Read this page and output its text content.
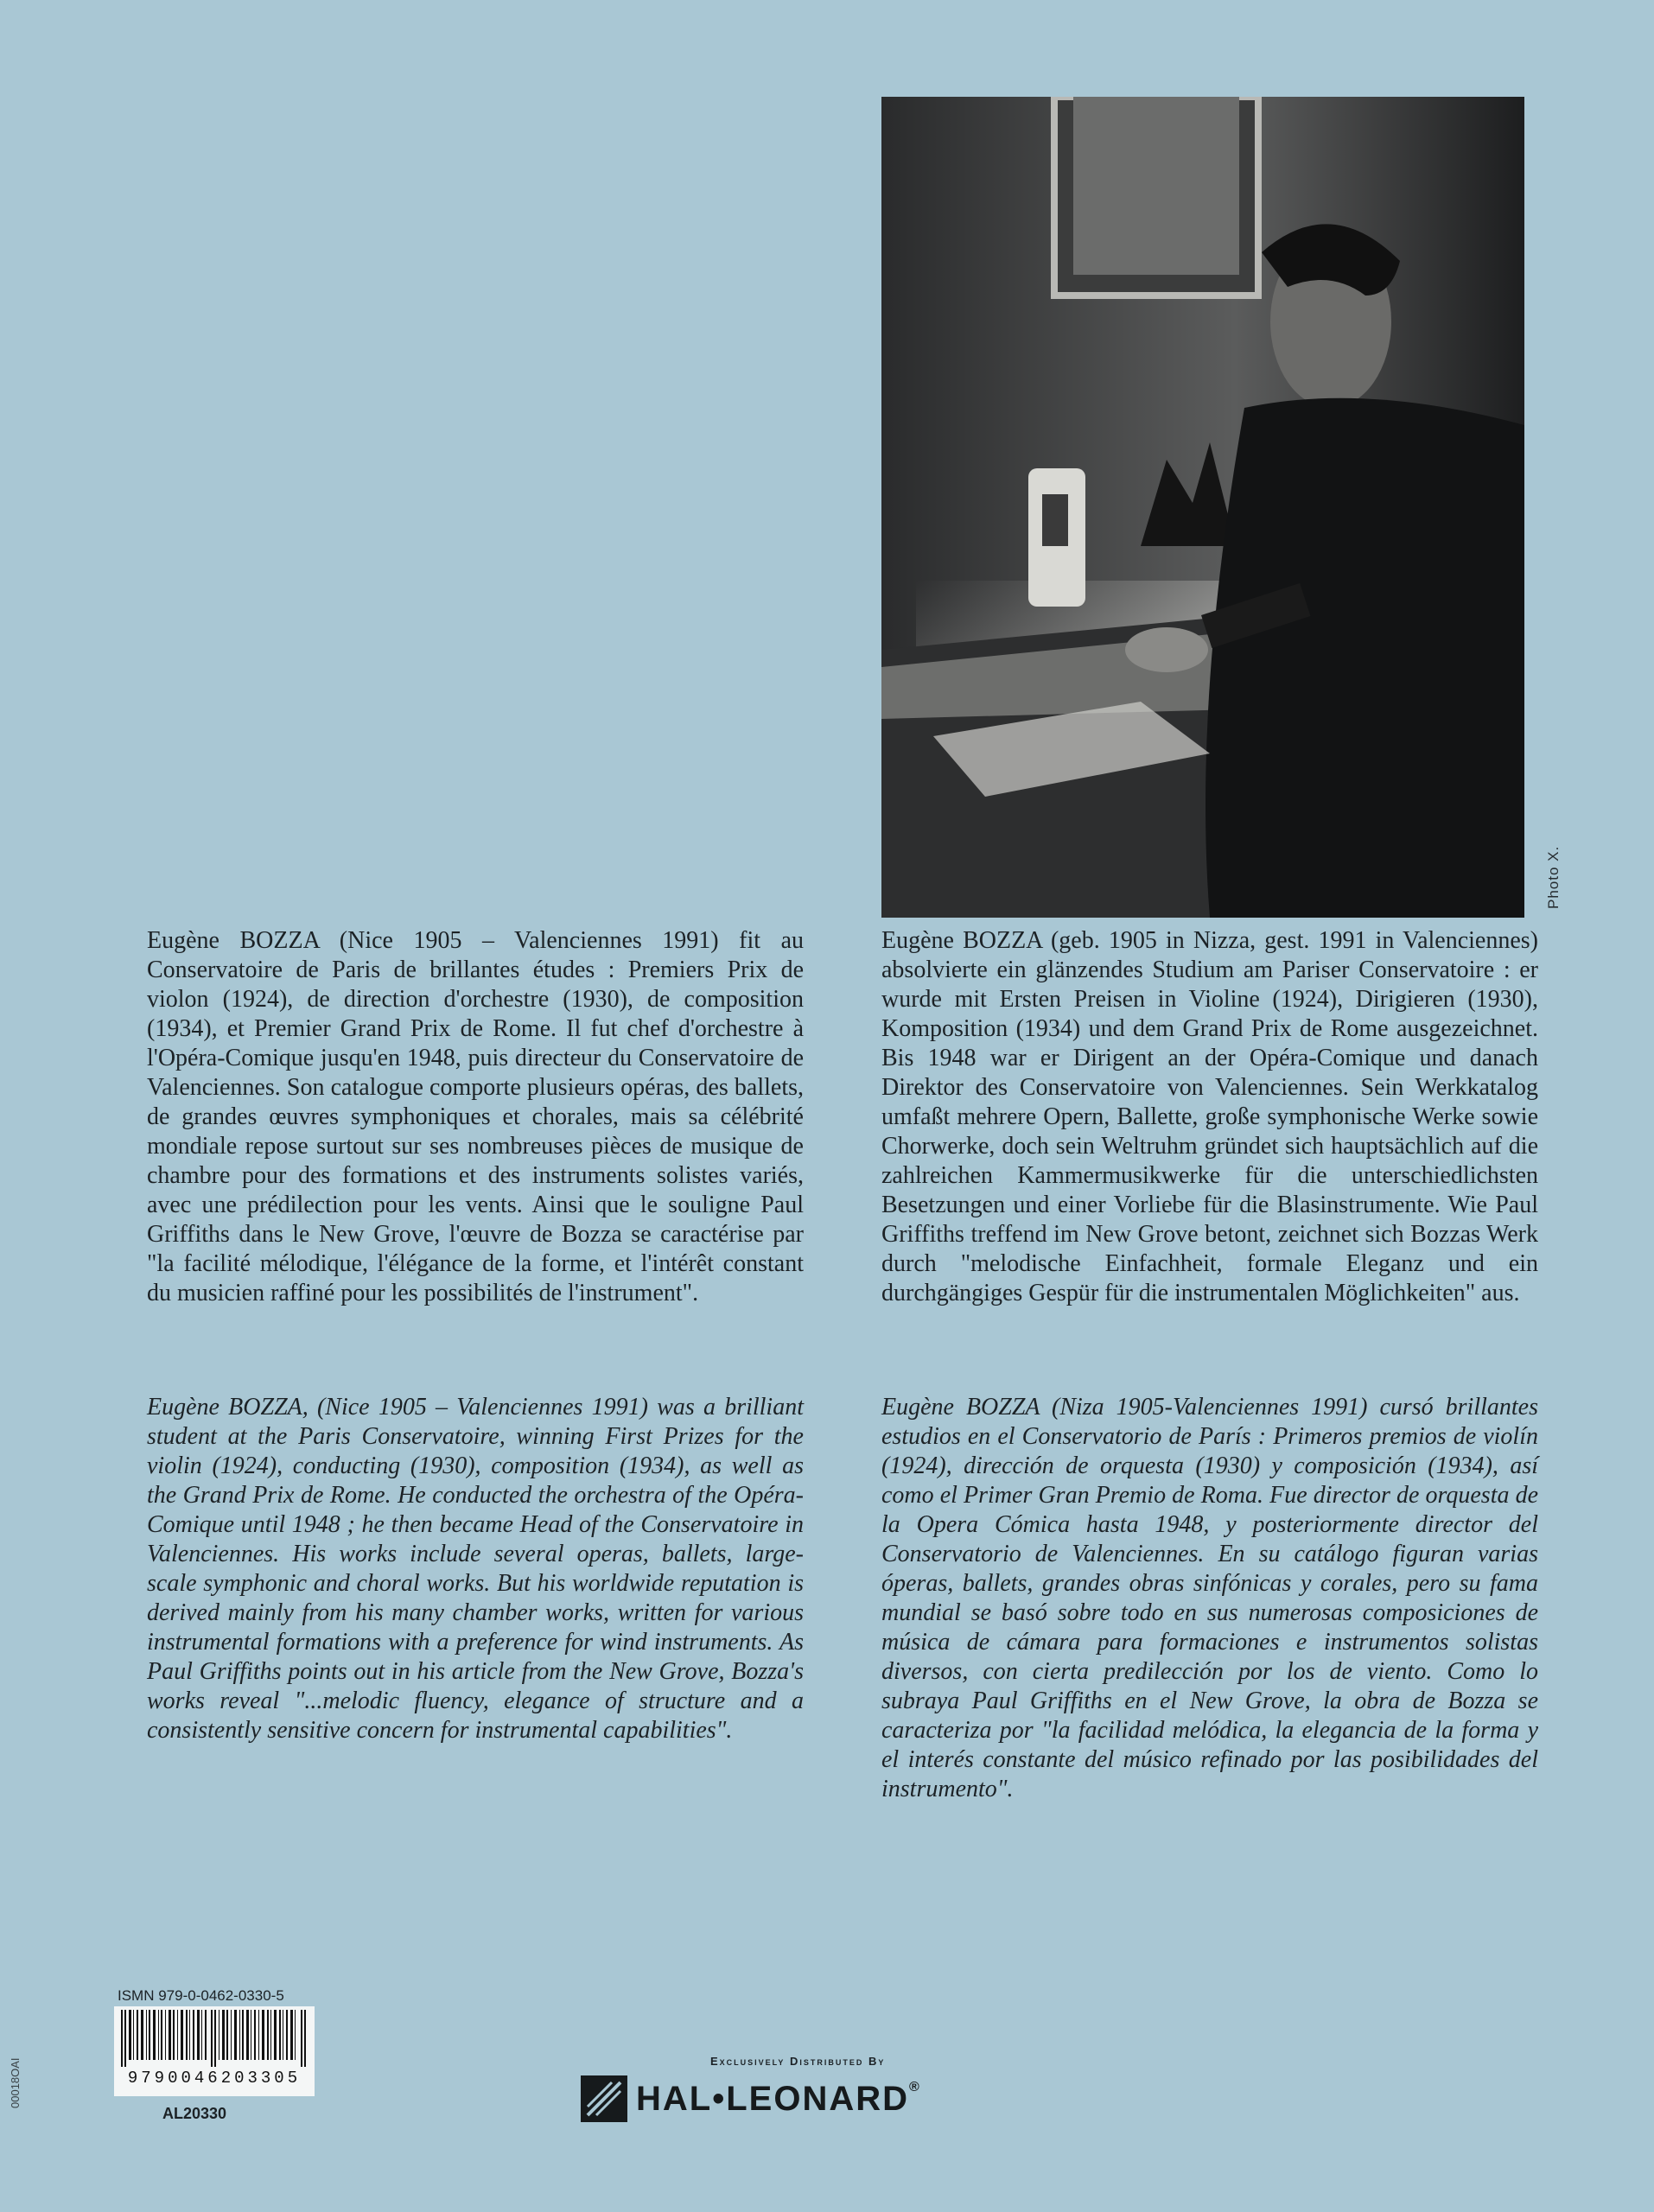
Photo X.

Eugène BOZZA (Nice 1905 – Valenciennes 1991) fit au Conservatoire de Paris de brillantes études : Premiers Prix de violon (1924), de direction d'orchestre (1930), de composition (1934), et Premier Grand Prix de Rome. Il fut chef d'orchestre à l'Opéra-Comique jusqu'en 1948, puis directeur du Conservatoire de Valenciennes. Son catalogue comporte plusieurs opéras, des ballets, de grandes œuvres symphoniques et chorales, mais sa célébrité mondiale repose surtout sur ses nombreuses pièces de musique de chambre pour des formations et des instruments solistes variés, avec une prédilection pour les vents. Ainsi que le souligne Paul Griffiths dans le New Grove, l'œuvre de Bozza se caractérise par "la facilité mélodique, l'élégance de la forme, et l'intérêt constant du musicien raffiné pour les possibilités de l'instrument".

Eugène BOZZA (geb. 1905 in Nizza, gest. 1991 in Valenciennes) absolvierte ein glänzendes Studium am Pariser Conservatoire : er wurde mit Ersten Preisen in Violine (1924), Dirigieren (1930), Komposition (1934) und dem Grand Prix de Rome ausgezeichnet. Bis 1948 war er Dirigent an der Opéra-Comique und danach Direktor des Conservatoire von Valenciennes. Sein Werkkatalog umfaßt mehrere Opern, Ballette, große symphonische Werke sowie Chorwerke, doch sein Weltruhm gründet sich hauptsächlich auf die zahlreichen Kammermusikwerke für die unterschiedlichsten Besetzungen und einer Vorliebe für die Blasinstrumente. Wie Paul Griffiths treffend im New Grove betont, zeichnet sich Bozzas Werk durch "melodische Einfachheit, formale Eleganz und ein durchgängiges Gespür für die instrumentalen Möglichkeiten" aus.

Eugène BOZZA, (Nice 1905 – Valenciennes 1991) was a brilliant student at the Paris Conservatoire, winning First Prizes for the violin (1924), conducting (1930), composition (1934), as well as the Grand Prix de Rome. He conducted the orchestra of the Opéra-Comique until 1948 ; he then became Head of the Conservatoire in Valenciennes. His works include several operas, ballets, large-scale symphonic and choral works. But his worldwide reputation is derived mainly from his many chamber works, written for various instrumental formations with a preference for wind instruments. As Paul Griffiths points out in his article from the New Grove, Bozza's works reveal "...melodic fluency, elegance of structure and a consistently sensitive concern for instrumental capabilities".

Eugène BOZZA (Niza 1905-Valenciennes 1991) cursó brillantes estudios en el Conservatorio de París : Primeros premios de violín (1924), dirección de orquesta (1930) y composición (1934), así como el Primer Gran Premio de Roma. Fue director de orquesta de la Opera Cómica hasta 1948, y posteriormente director del Conservatorio de Valenciennes. En su catálogo figuran varias óperas, ballets, grandes obras sinfónicas y corales, pero su fama mundial se basó sobre todo en sus numerosas composiciones de música de cámara para formaciones e instrumentos solistas diversos, con cierta predilección por los de viento. Como lo subraya Paul Griffiths en el New Grove, la obra de Bozza se caracteriza por "la facilidad melódica, la elegancia de la forma y el interés constante del músico refinado por las posibilidades del instrumento".

ISMN 979-0-0462-0330-5
9790046203305
AL20330
00018OAI	Exclusively Distributed By
HAL•LEONARD®
